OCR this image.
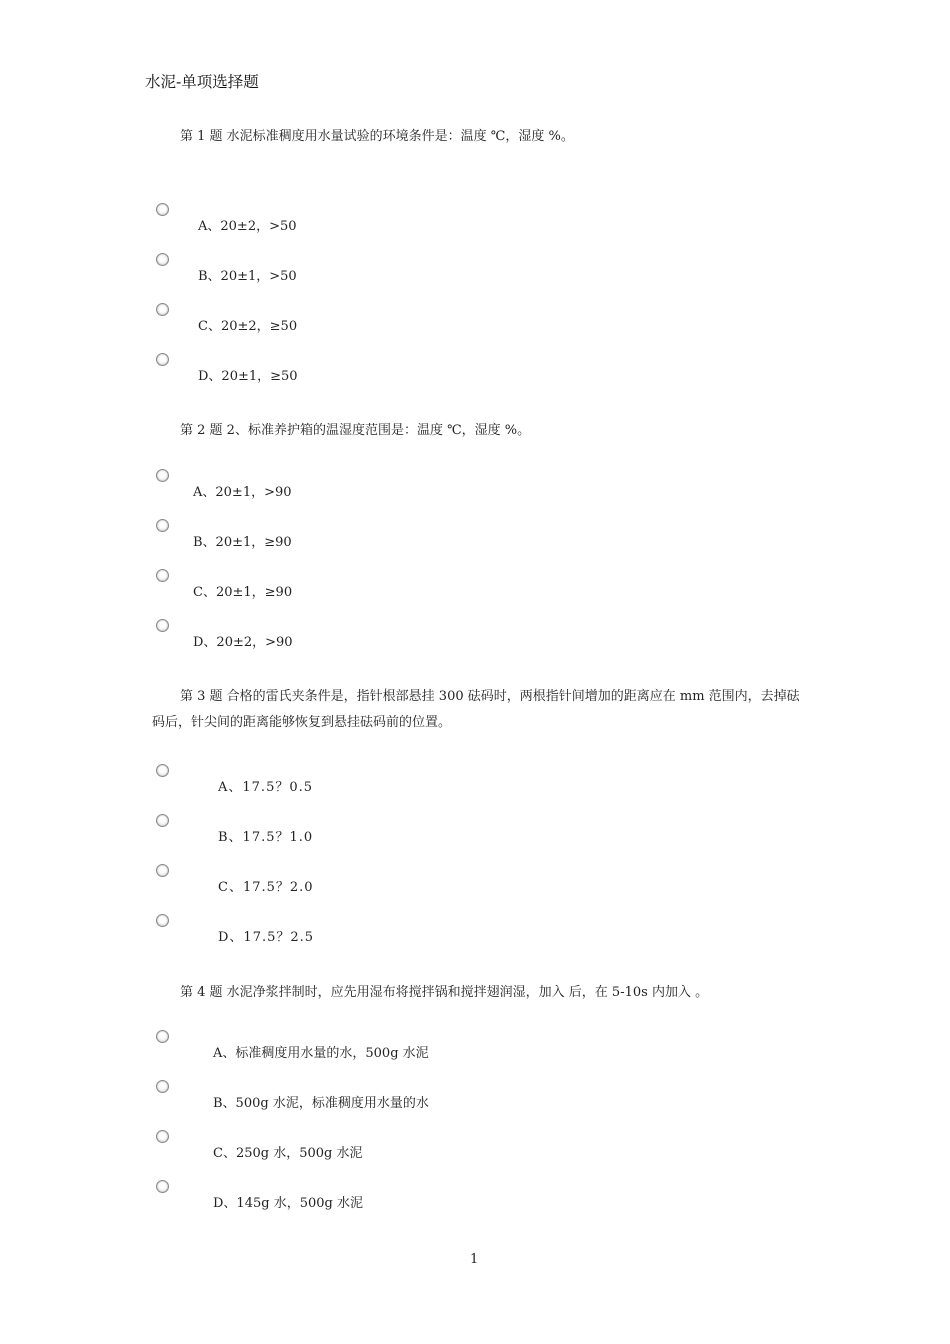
水泥-单项选择题
第 1 题 水泥标准稠度用水量试验的环境条件是：温度 ℃，湿度 %。
A、20±2，>50
B、20±1，>50
C、20±2，≥50
D、20±1，≥50
第 2 题 2、标准养护箱的温湿度范围是：温度 ℃，湿度 %。
A、20±1，>90
B、20±1，≥90
C、20±1，≥90
D、20±2，>90
第 3 题 合格的雷氏夹条件是，指针根部悬挂 300 砝码时，两根指针间增加的距离应在 mm 范围内，去掉砝码后，针尖间的距离能够恢复到悬挂砝码前的位置。
A、17.5？0.5
B、17.5？1.0
C、17.5？2.0
D、17.5？2.5
第 4 题 水泥净浆拌制时，应先用湿布将搅拌锅和搅拌翅润湿，加入 后，在 5-10s 内加入 。
A、标准稠度用水量的水，500g 水泥
B、500g 水泥，标准稠度用水量的水
C、250g 水，500g 水泥
D、145g 水，500g 水泥
1
